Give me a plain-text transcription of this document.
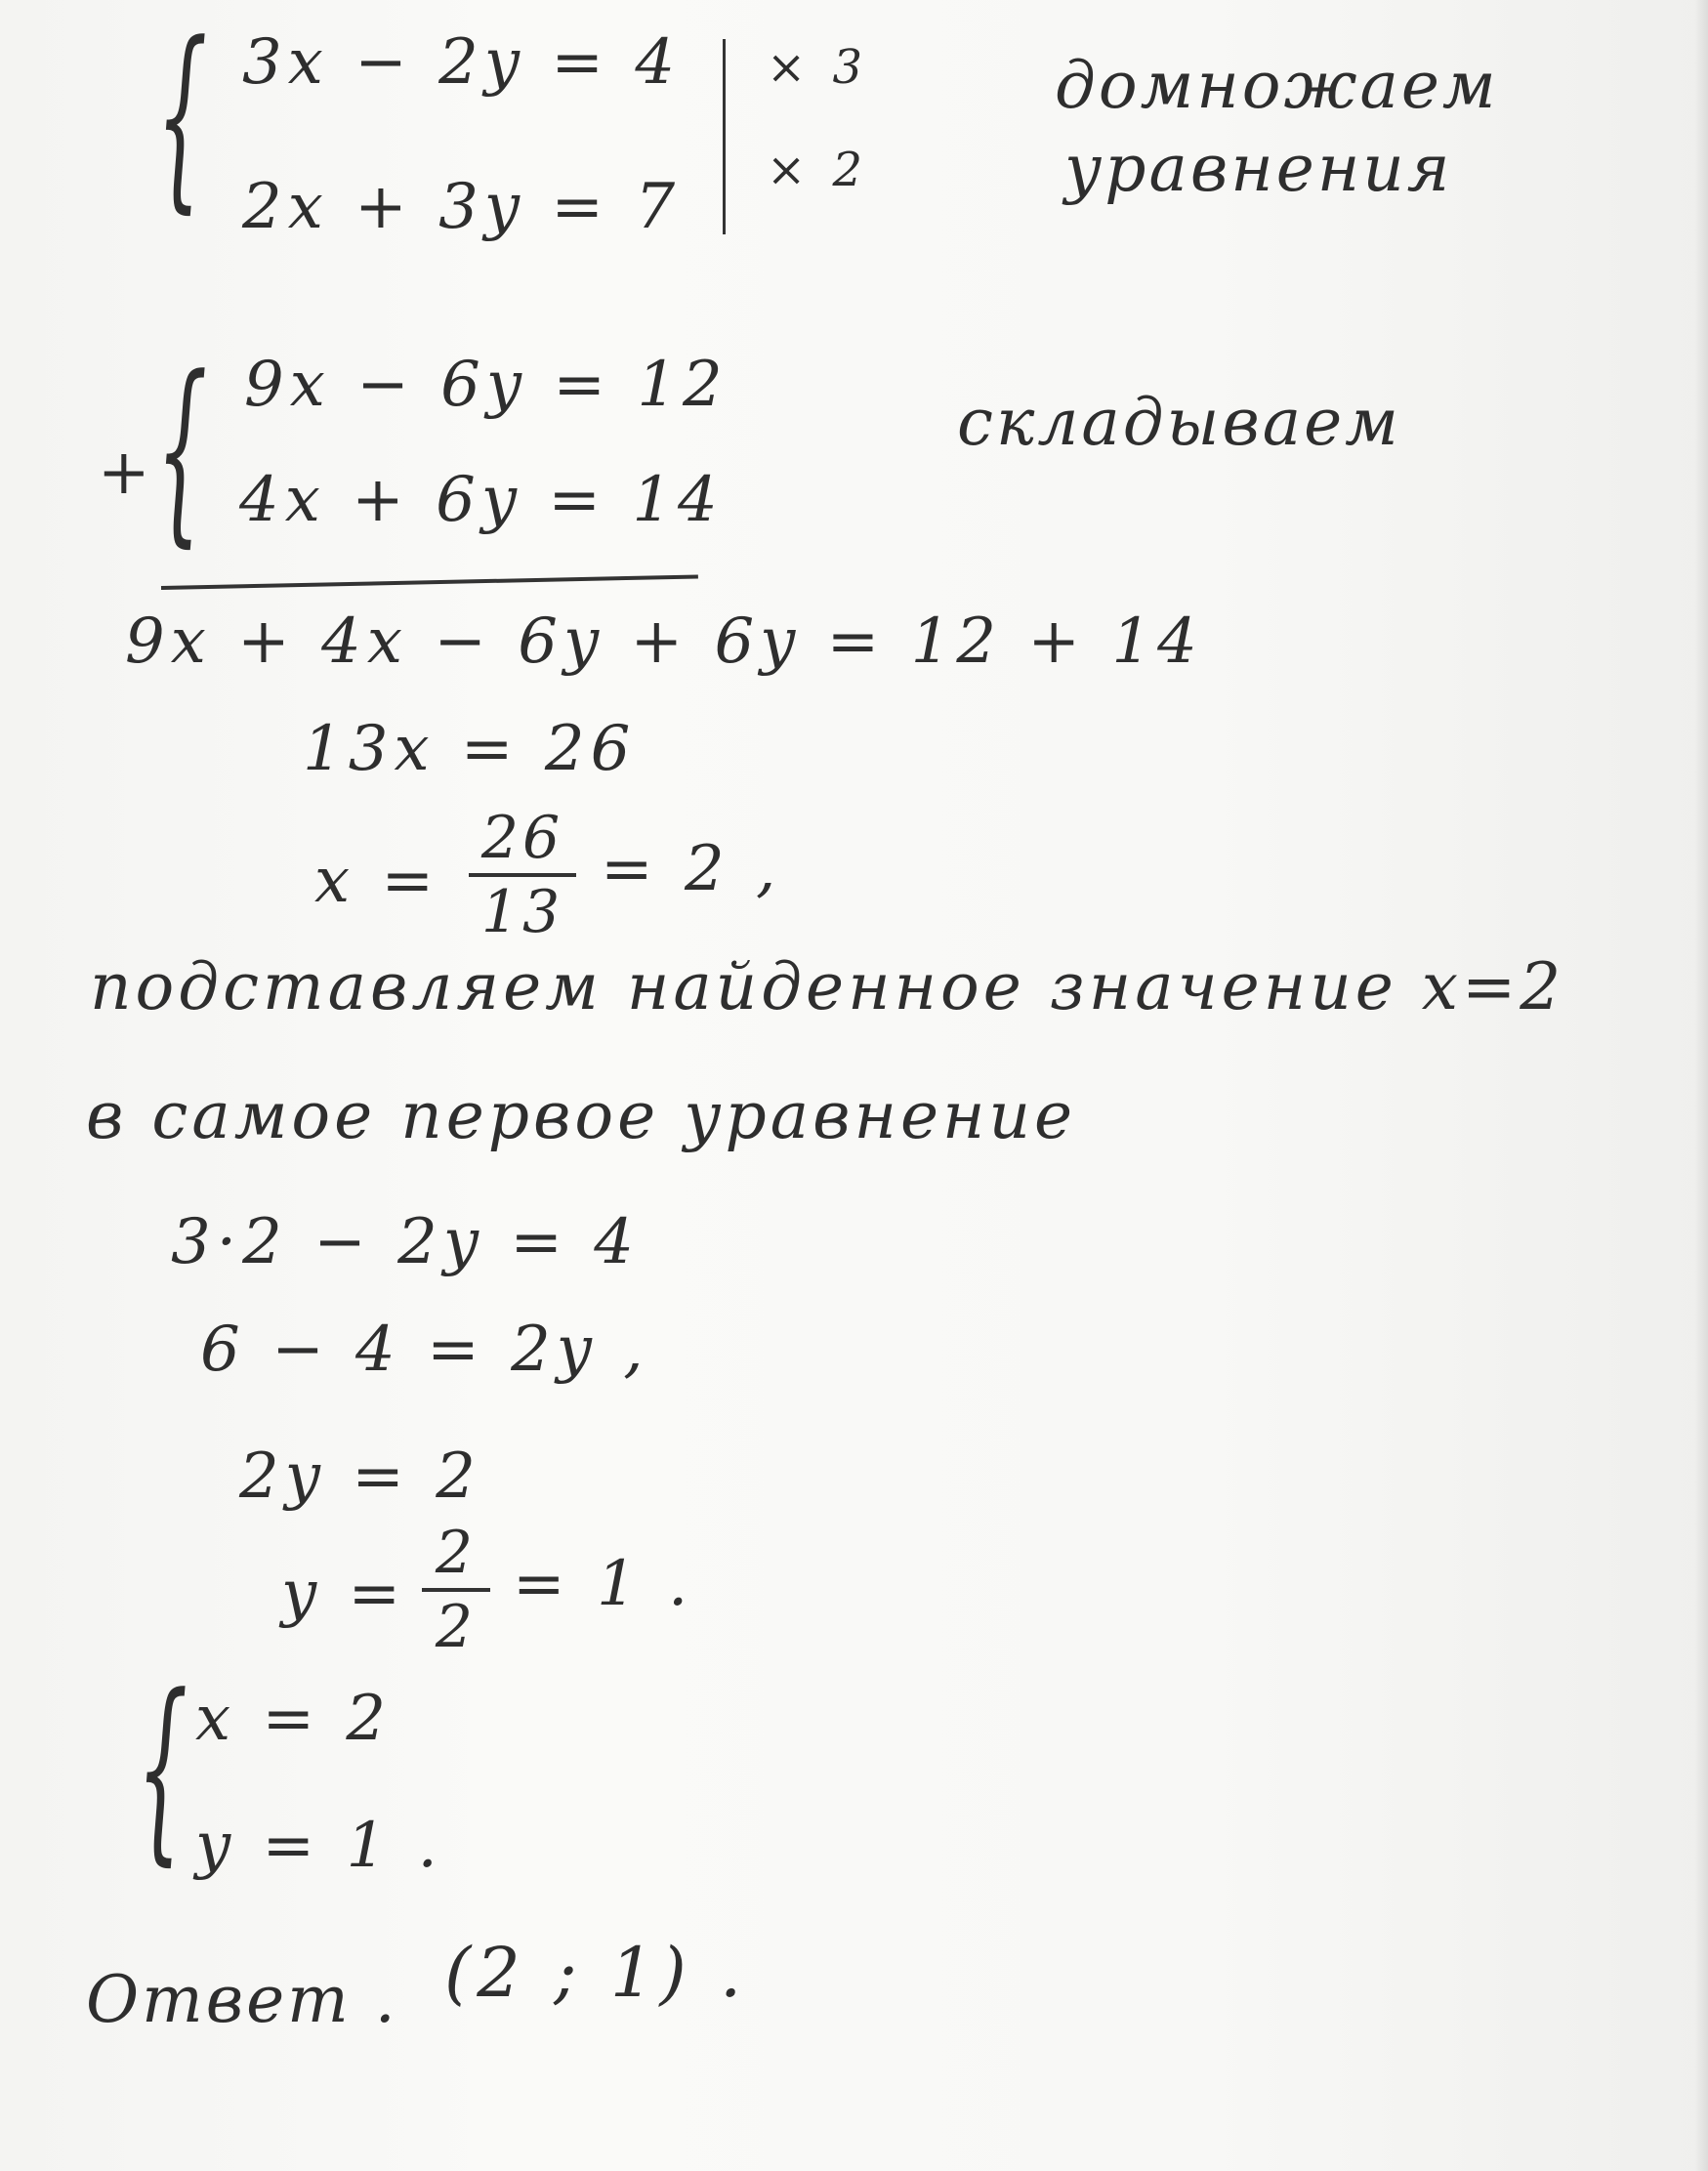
{ 3x − 2y = 4
2x + 3y = 7
× 3
× 2
домножаем
уравнения
+ { 9x − 6y = 12
4x + 6y = 14
складываем
9x + 4x − 6y + 6y = 12 + 14
13x = 26
x =
26
13
= 2 ,
подставляем найденное значение x=2
в самое первое уравнение
3·2 − 2y = 4
6 − 4 = 2y ,
2y = 2
y =
2
2
= 1 .
{ x = 2
y = 1 .
Ответ . (2 ; 1) .
